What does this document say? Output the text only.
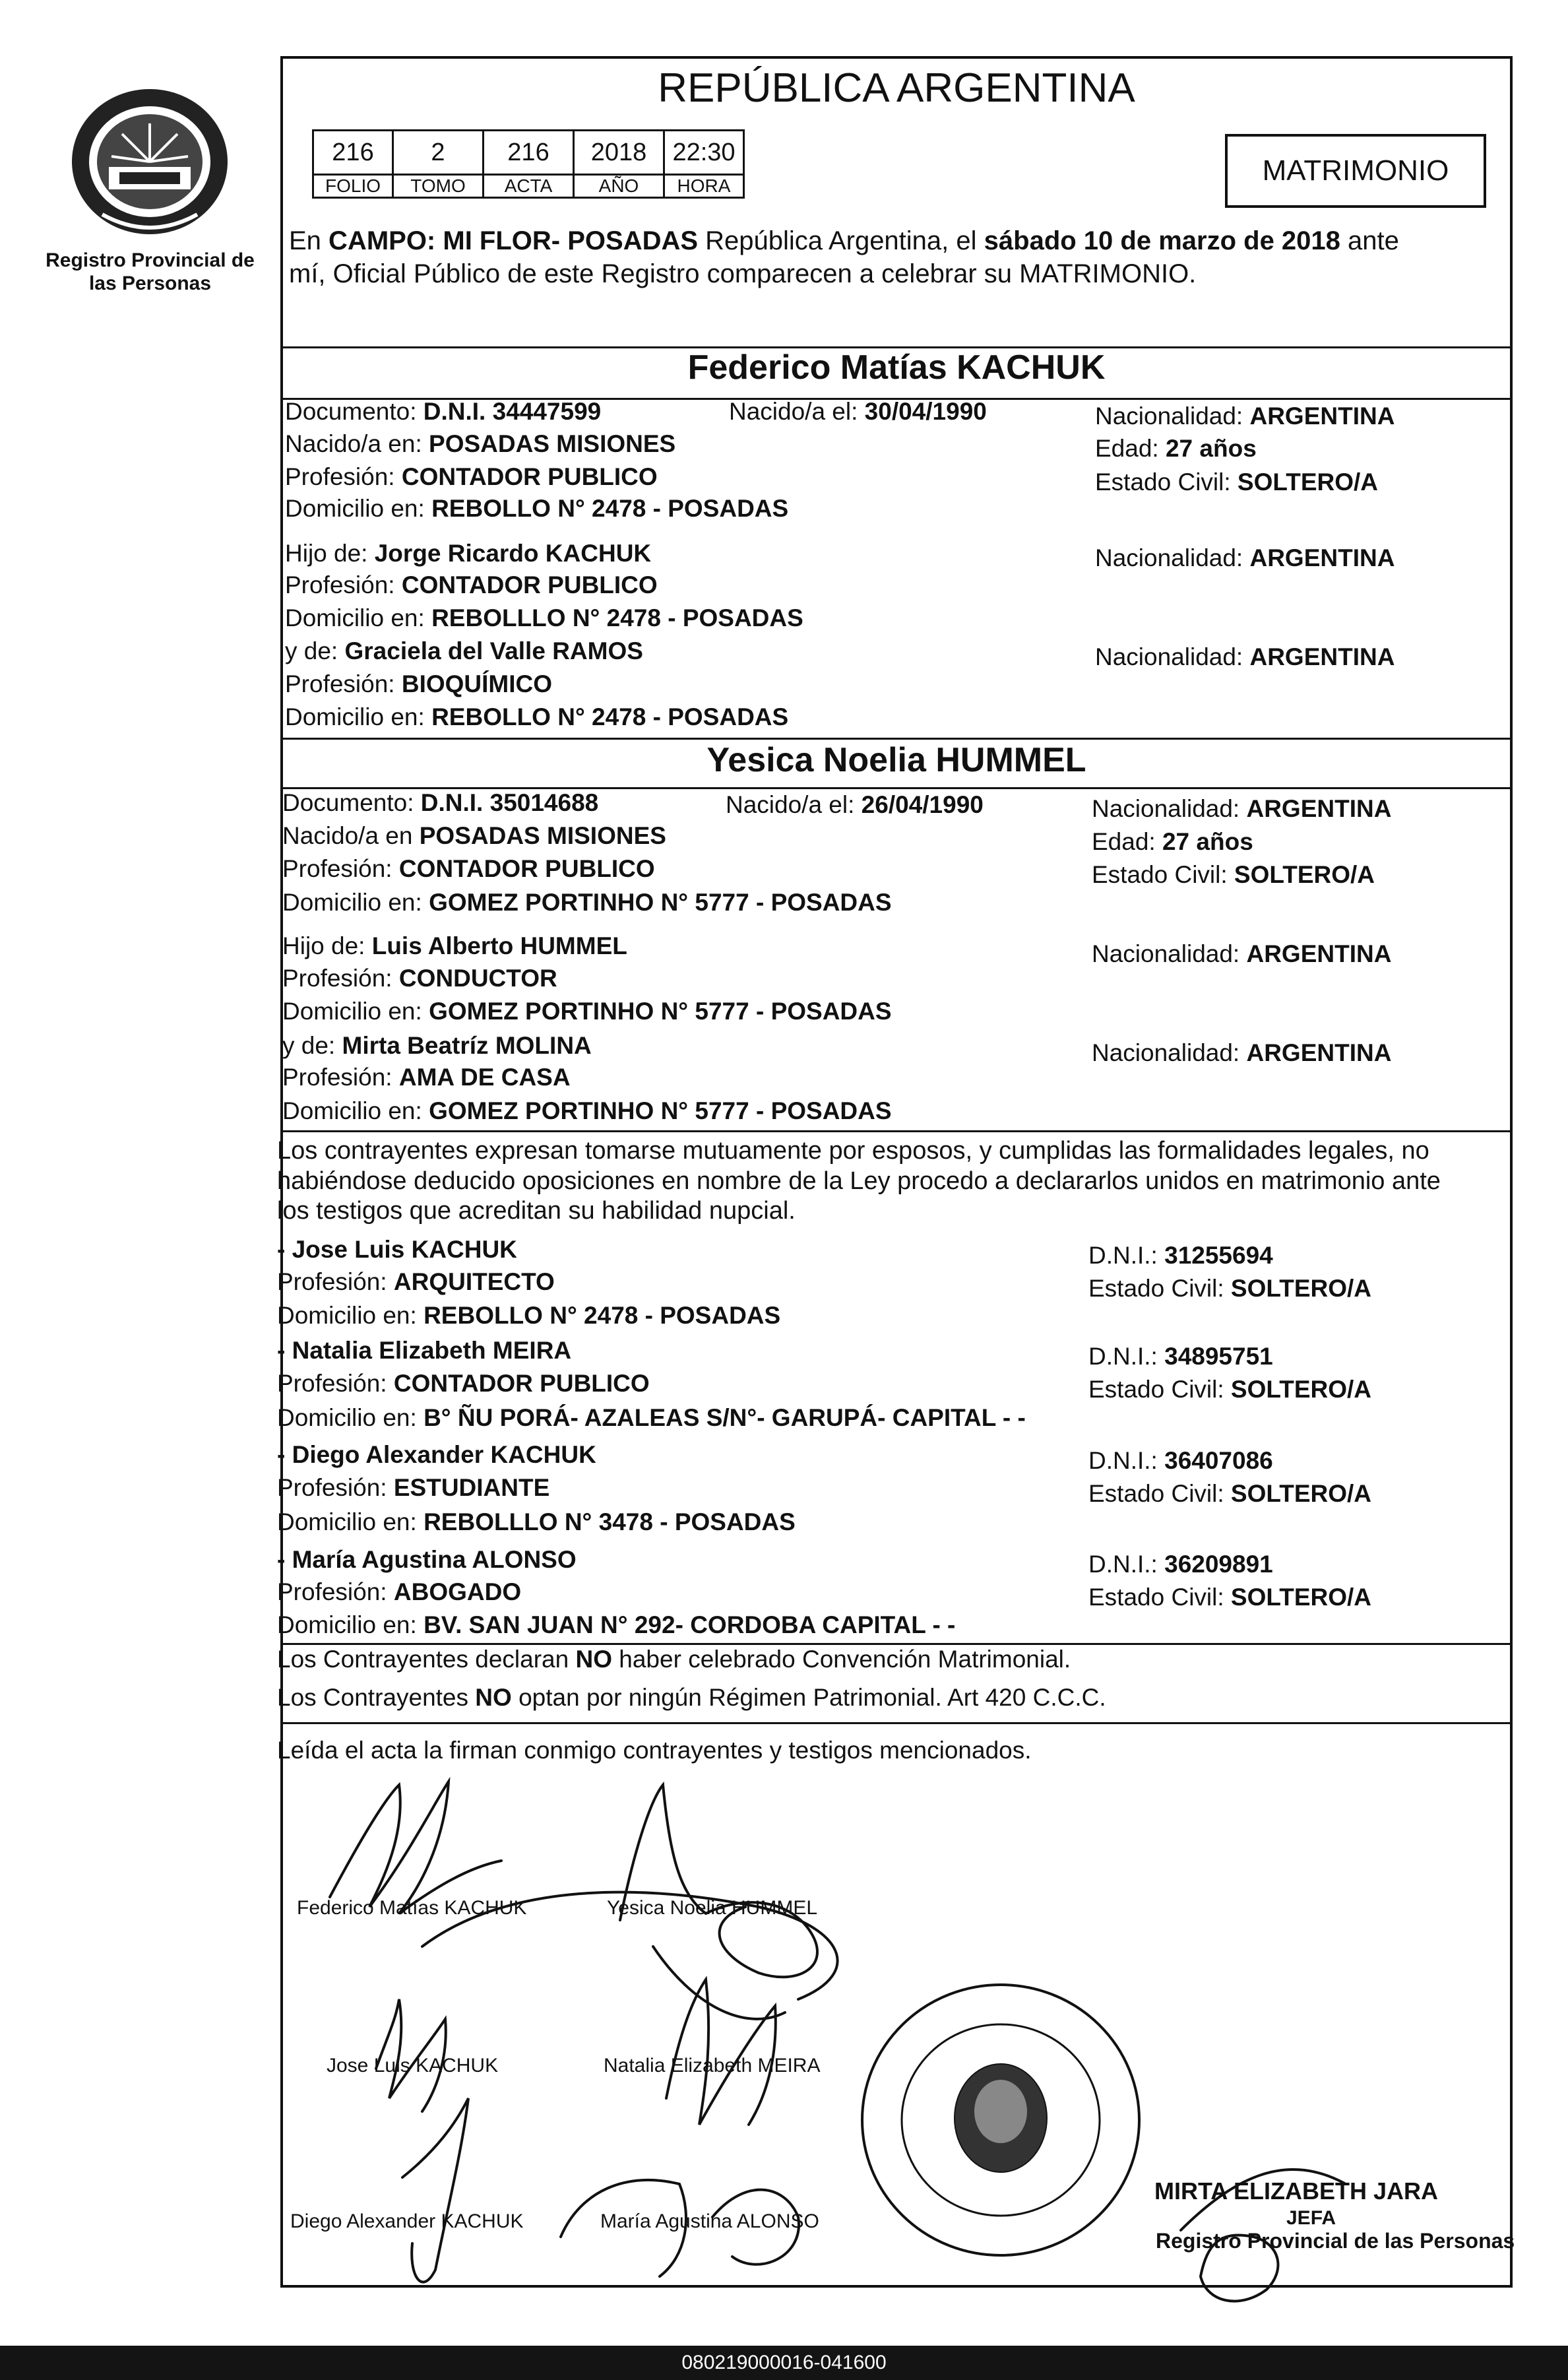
Registro Provincial de las Personas
REPÚBLICA ARGENTINA
216	2	216	2018	22:30
FOLIO	TOMO	ACTA	AÑO	HORA	MATRIMONIO
En CAMPO: MI FLOR- POSADAS República Argentina, el sábado 10 de marzo de 2018 ante
mí, Oficial Público de este Registro comparecen a celebrar su MATRIMONIO.
Federico Matías KACHUK
Documento: D.N.I. 34447599	Nacido/a el: 30/04/1990	Nacionalidad: ARGENTINA
Nacido/a en: POSADAS MISIONES	Edad: 27 años
Profesión: CONTADOR PUBLICO	Estado Civil: SOLTERO/A
Domicilio en: REBOLLO N° 2478 - POSADAS
Hijo de: Jorge Ricardo KACHUK	Nacionalidad: ARGENTINA
Profesión: CONTADOR PUBLICO
Domicilio en: REBOLLLO N° 2478 - POSADAS
y de: Graciela del Valle RAMOS	Nacionalidad: ARGENTINA
Profesión: BIOQUÍMICO
Domicilio en: REBOLLO N° 2478 - POSADAS
Yesica Noelia HUMMEL
Documento: D.N.I. 35014688	Nacido/a el: 26/04/1990	Nacionalidad: ARGENTINA
Nacido/a en POSADAS MISIONES	Edad: 27 años
Profesión: CONTADOR PUBLICO	Estado Civil: SOLTERO/A
Domicilio en: GOMEZ PORTINHO N° 5777 - POSADAS
Hijo de: Luis Alberto HUMMEL	Nacionalidad: ARGENTINA
Profesión: CONDUCTOR
Domicilio en: GOMEZ PORTINHO N° 5777 - POSADAS
y de: Mirta Beatríz MOLINA	Nacionalidad: ARGENTINA
Profesión: AMA DE CASA
Domicilio en: GOMEZ PORTINHO N° 5777 - POSADAS
Los contrayentes expresan tomarse mutuamente por esposos, y cumplidas las formalidades legales, no
habiéndose deducido oposiciones en nombre de la Ley procedo a declararlos unidos en matrimonio ante
los testigos que acreditan su habilidad nupcial.
- Jose Luis KACHUK	D.N.I.: 31255694
Profesión: ARQUITECTO	Estado Civil: SOLTERO/A
Domicilio en: REBOLLO N° 2478 - POSADAS
- Natalia Elizabeth MEIRA	D.N.I.: 34895751
Profesión: CONTADOR PUBLICO	Estado Civil: SOLTERO/A
Domicilio en: B° ÑU PORÁ- AZALEAS S/N°- GARUPÁ- CAPITAL - -
- Diego Alexander KACHUK	D.N.I.: 36407086
Profesión: ESTUDIANTE	Estado Civil: SOLTERO/A
Domicilio en: REBOLLLO N° 3478 - POSADAS
- María Agustina ALONSO	D.N.I.: 36209891
Profesión: ABOGADO	Estado Civil: SOLTERO/A
Domicilio en: BV. SAN JUAN N° 292- CORDOBA CAPITAL - -
Los Contrayentes declaran NO haber celebrado Convención Matrimonial.
Los Contrayentes NO optan por ningún Régimen Patrimonial. Art 420 C.C.C.
Leída el acta la firman conmigo contrayentes y testigos mencionados.
Federico Matías KACHUK	Yesica Noelia HUMMEL
Jose Luis KACHUK	Natalia Elizabeth MEIRA
Diego Alexander KACHUK	María Agustina ALONSO
MIRTA ELIZABETH JARA
JEFA
Registro Provincial de las Personas
080219000016-041600
